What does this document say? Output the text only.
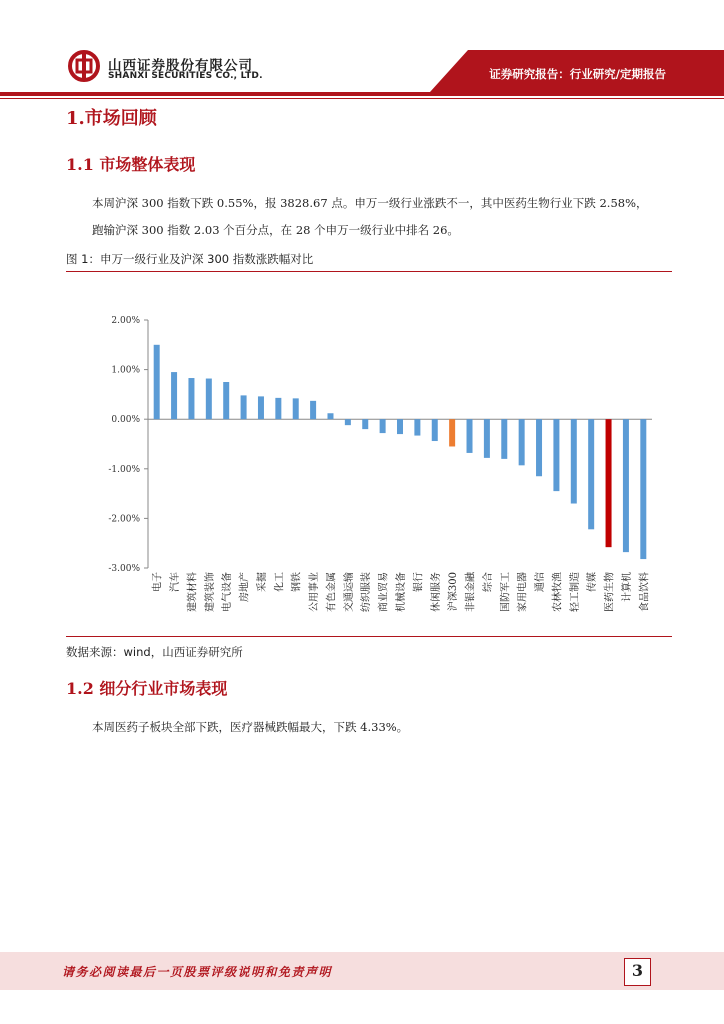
山西证券股份有限公司
SHANXI SECURITIES CO., LTD.	证券研究报告：行业研究/定期报告
1.市场回顾
1.1 市场整体表现
本周沪深 300 指数下跌 0.55%，报 3828.67 点。申万一级行业涨跌不一，其中医药生物行业下跌 2.58%，
跑输沪深 300 指数 2.03 个百分点，在 28 个申万一级行业中排名 26。
图 1：申万一级行业及沪深 300 指数涨跌幅对比
2.00%
1.00%
0.00%
-1.00%
-2.00%
-3.00%
电子 汽车 建筑材料 建筑装饰 电气设备 房地产 采掘 化工 钢铁 公用事业 有色金属 交通运输 纺织服装 商业贸易 机械设备 银行 休闲服务 沪深300 非银金融 综合 国防军工 家用电器 通信 农林牧渔 轻工制造 传媒 医药生物 计算机 食品饮料
数据来源：wind，山西证券研究所
1.2 细分行业市场表现
本周医药子板块全部下跌，医疗器械跌幅最大，下跌 4.33%。
请务必阅读最后一页股票评级说明和免责声明	3
